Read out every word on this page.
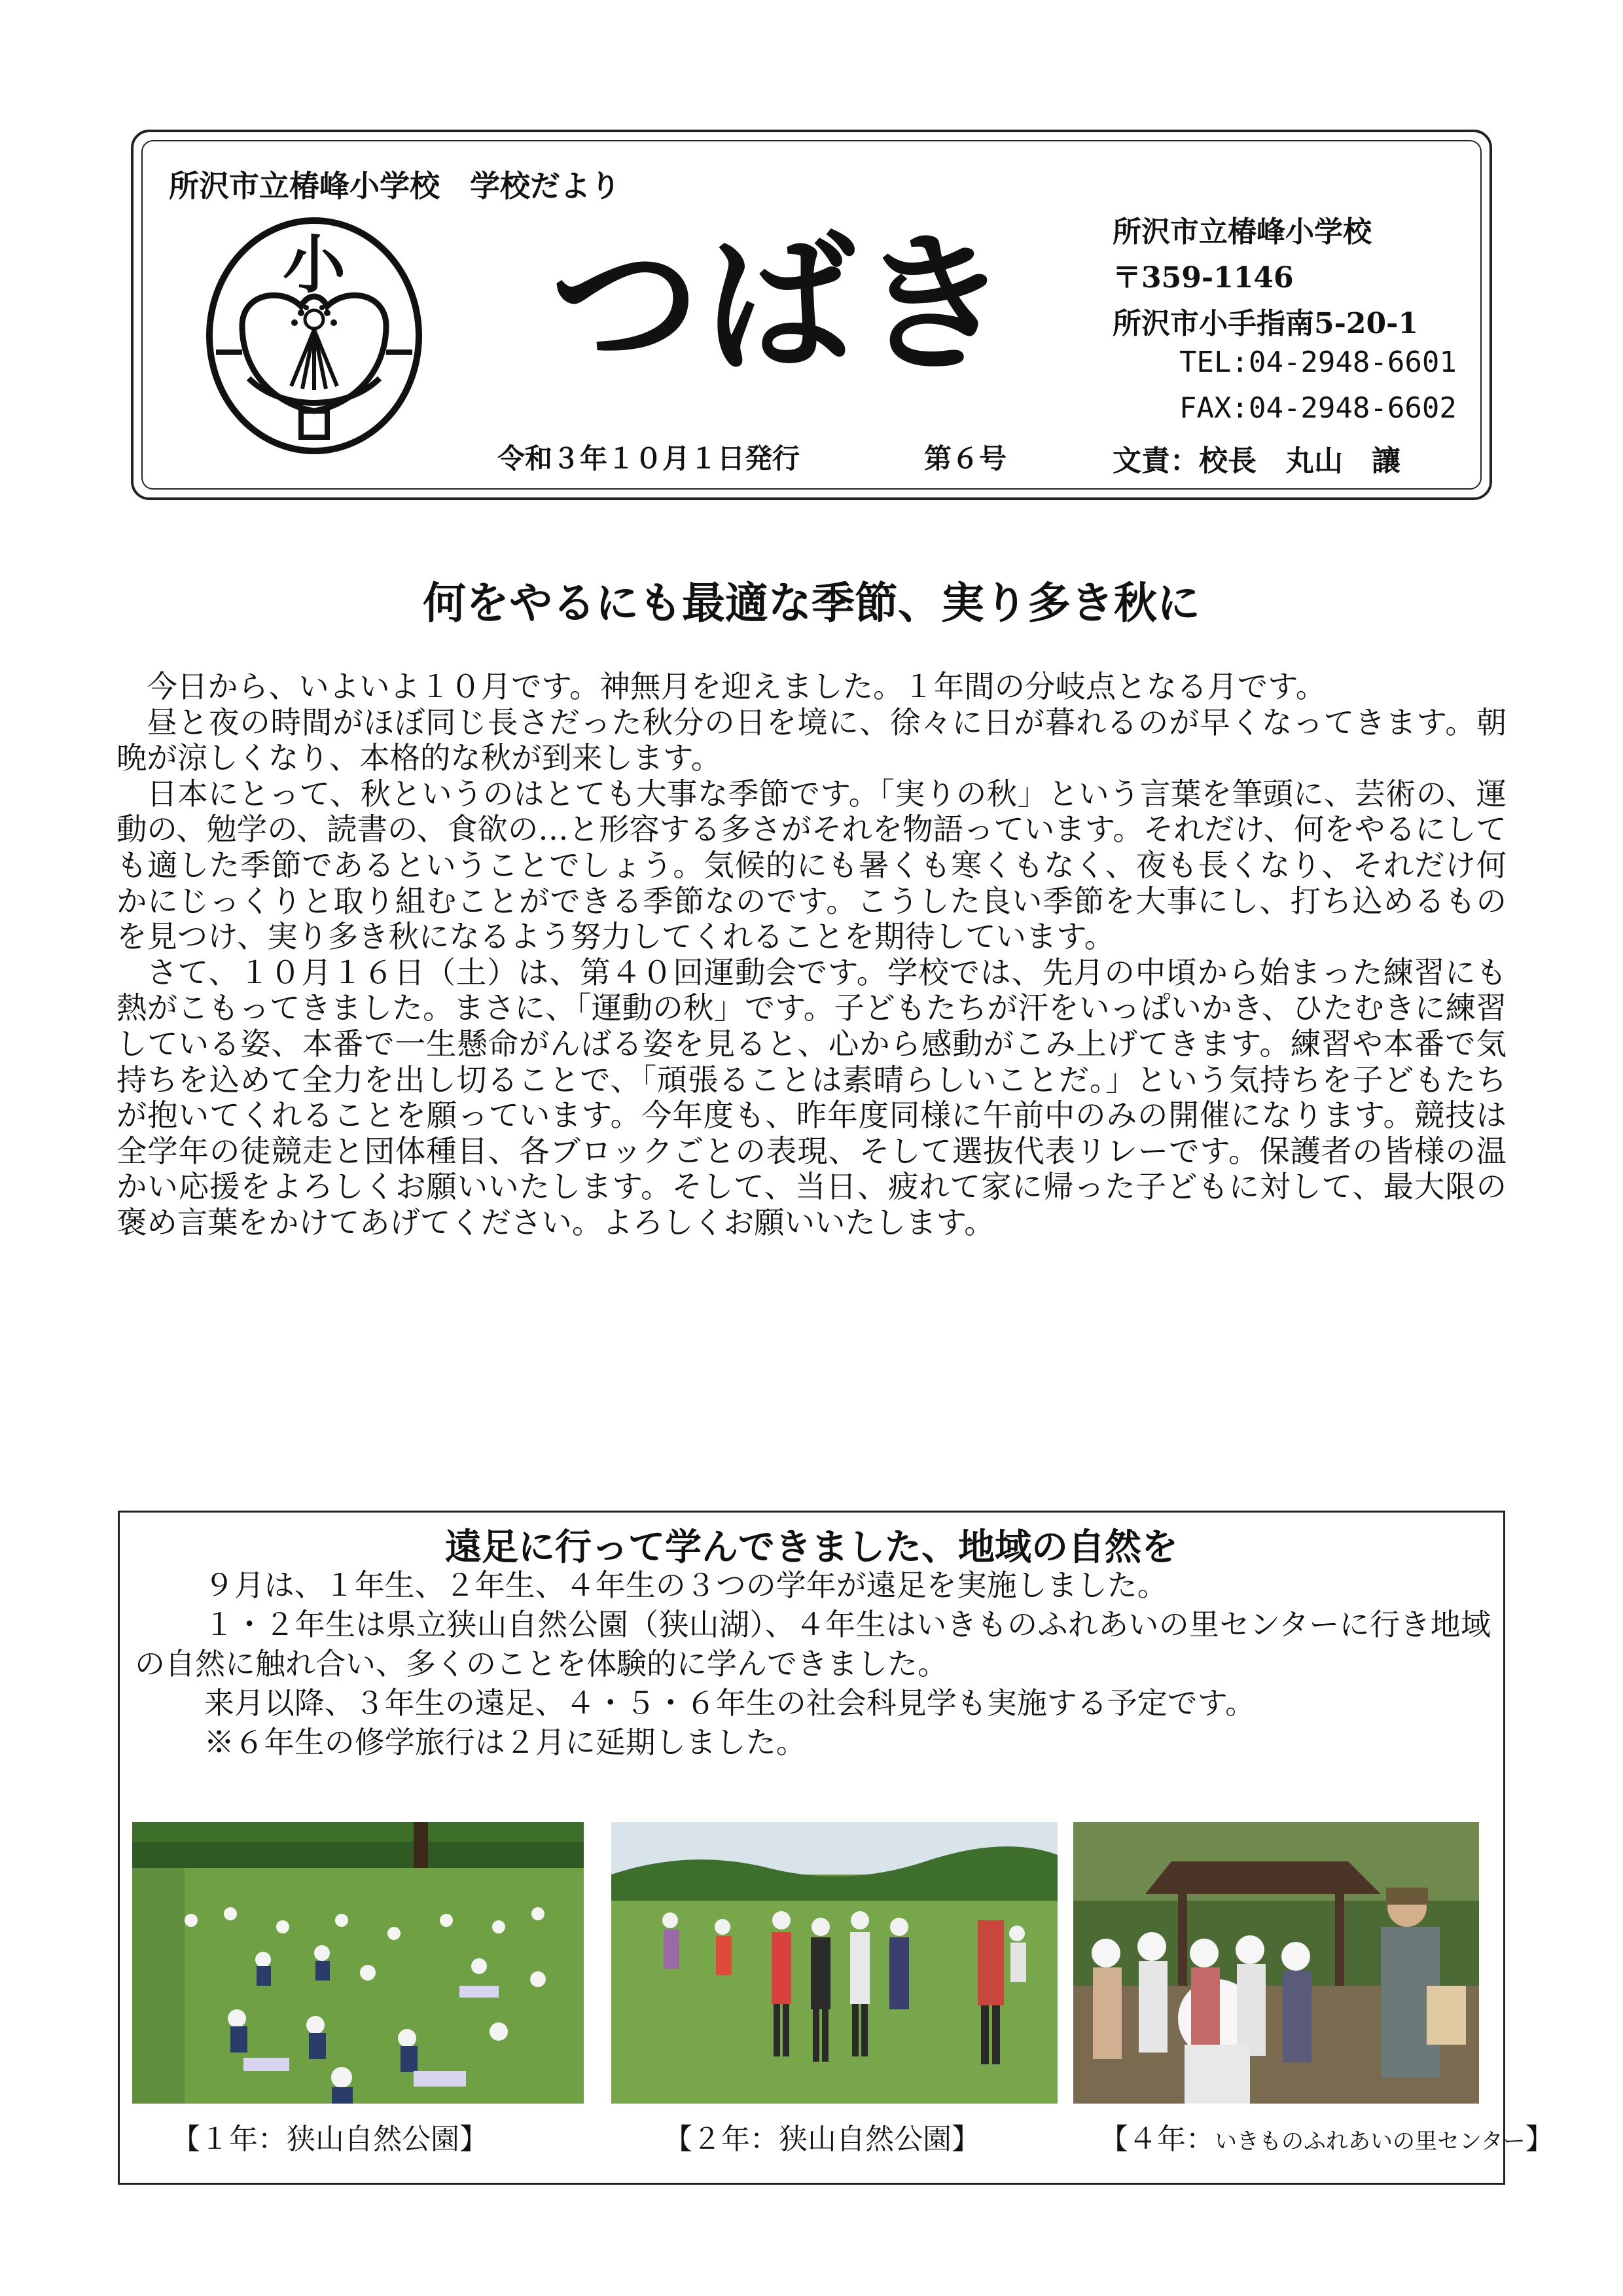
所沢市立椿峰小学校　学校だより
小 つばき
令和３年１０月１日発行	第６号
所沢市立椿峰小学校
〒359-1146
所沢市小手指南5-20-1
TEL:04-2948-6601
FAX:04-2948-6602
文責：校長　丸山　讓
何をやるにも最適な季節、実り多き秋に

今日から、いよいよ１０月です。神無月を迎えました。１年間の分岐点となる月です。

昼と夜の時間がほぼ同じ長さだった秋分の日を境に、徐々に日が暮れるのが早くなってきます。朝晩が涼しくなり、本格的な秋が到来します。

日本にとって、秋というのはとても大事な季節です。「実りの秋」という言葉を筆頭に、芸術の、運動の、勉学の、読書の、食欲の…と形容する多さがそれを物語っています。それだけ、何をやるにしても適した季節であるということでしょう。気候的にも暑くも寒くもなく、夜も長くなり、それだけ何かにじっくりと取り組むことができる季節なのです。こうした良い季節を大事にし、打ち込めるものを見つけ、実り多き秋になるよう努力してくれることを期待しています。

さて、１０月１６日（土）は、第４０回運動会です。学校では、先月の中頃から始まった練習にも熱がこもってきました。まさに、「運動の秋」です。子どもたちが汗をいっぱいかき、ひたむきに練習している姿、本番で一生懸命がんばる姿を見ると、心から感動がこみ上げてきます。練習や本番で気持ちを込めて全力を出し切ることで、「頑張ることは素晴らしいことだ。」という気持ちを子どもたちが抱いてくれることを願っています。今年度も、昨年度同様に午前中のみの開催になります。競技は全学年の徒競走と団体種目、各ブロックごとの表現、そして選抜代表リレーです。保護者の皆様の温かい応援をよろしくお願いいたします。そして、当日、疲れて家に帰った子どもに対して、最大限の褒め言葉をかけてあげてください。よろしくお願いいたします。

遠足に行って学んできました、地域の自然を

９月は、１年生、２年生、４年生の３つの学年が遠足を実施しました。

１・２年生は県立狭山自然公園（狭山湖）、４年生はいきものふれあいの里センターに行き地域の自然に触れ合い、多くのことを体験的に学んできました。

来月以降、３年生の遠足、４・５・６年生の社会科見学も実施する予定です。

※６年生の修学旅行は２月に延期しました。

【１年：狭山自然公園】	【２年：狭山自然公園】	【４年：いきものふれあいの里センター】
